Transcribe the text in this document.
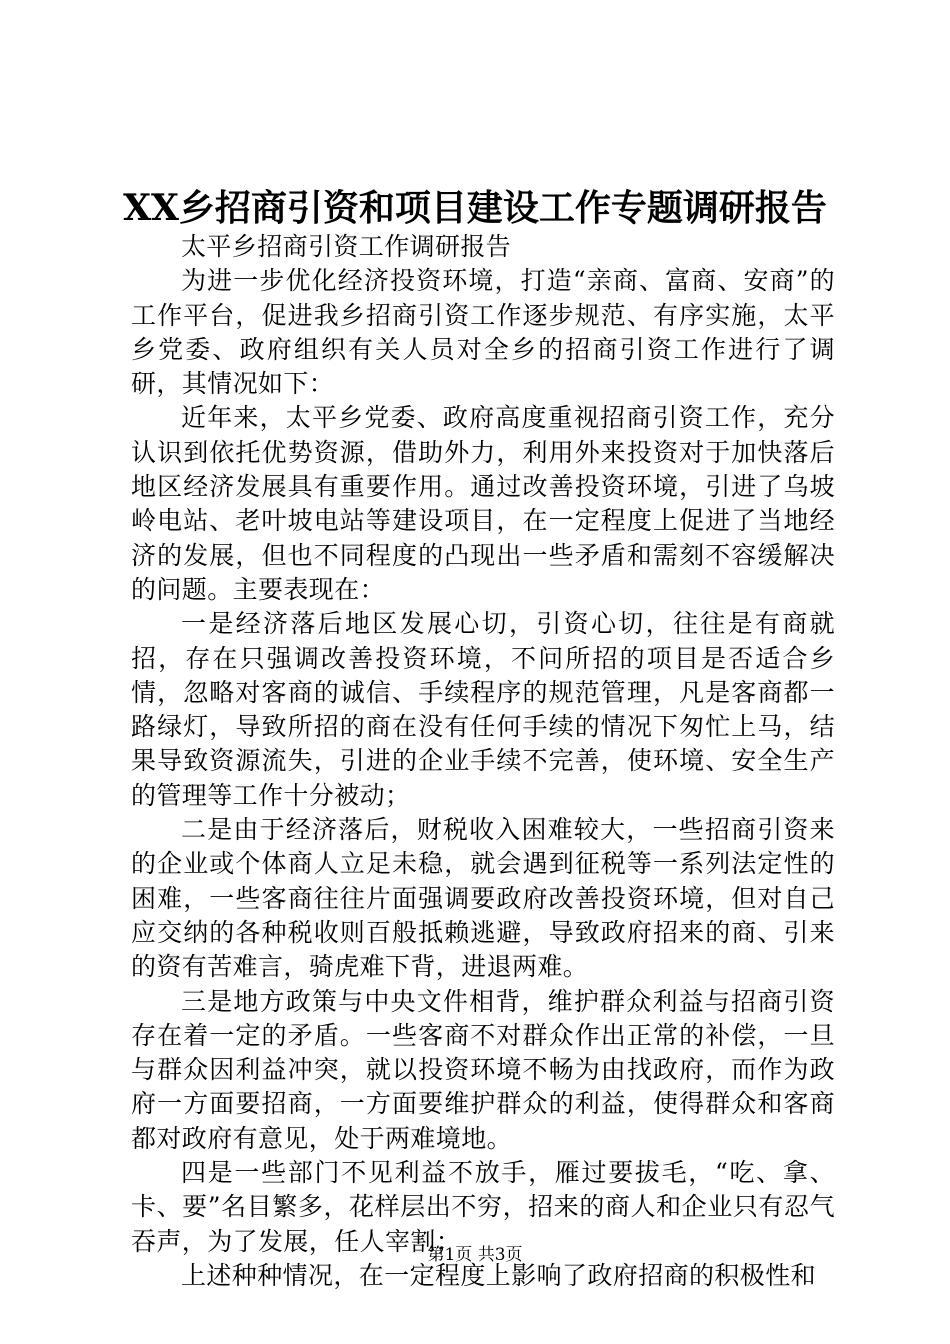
XX乡招商引资和项目建设工作专题调研报告

太平乡招商引资工作调研报告

为进一步优化经济投资环境，打造“亲商、富商、安商”的工作平台，促进我乡招商引资工作逐步规范、有序实施，太平乡党委、政府组织有关人员对全乡的招商引资工作进行了调研，其情况如下：

近年来，太平乡党委、政府高度重视招商引资工作，充分认识到依托优势资源，借助外力，利用外来投资对于加快落后地区经济发展具有重要作用。通过改善投资环境，引进了乌坡岭电站、老叶坡电站等建设项目，在一定程度上促进了当地经济的发展，但也不同程度的凸现出一些矛盾和需刻不容缓解决的问题。主要表现在：

一是经济落后地区发展心切，引资心切，往往是有商就招，存在只强调改善投资环境，不问所招的项目是否适合乡情，忽略对客商的诚信、手续程序的规范管理，凡是客商都一路绿灯，导致所招的商在没有任何手续的情况下匆忙上马，结果导致资源流失，引进的企业手续不完善，使环境、安全生产的管理等工作十分被动；

二是由于经济落后，财税收入困难较大，一些招商引资来的企业或个体商人立足未稳，就会遇到征税等一系列法定性的困难，一些客商往往片面强调要政府改善投资环境，但对自己应交纳的各种税收则百般抵赖逃避，导致政府招来的商、引来的资有苦难言，骑虎难下背，进退两难。

三是地方政策与中央文件相背，维护群众利益与招商引资存在着一定的矛盾。一些客商不对群众作出正常的补偿，一旦与群众因利益冲突，就以投资环境不畅为由找政府，而作为政府一方面要招商，一方面要维护群众的利益，使得群众和客商都对政府有意见，处于两难境地。

四是一些部门不见利益不放手，雁过要拔毛，“吃、拿、卡、要”名目繁多，花样层出不穷，招来的商人和企业只有忍气吞声，为了发展，任人宰割；

上述种种情况，在一定程度上影响了政府招商的积极性和

第1页 共3页
